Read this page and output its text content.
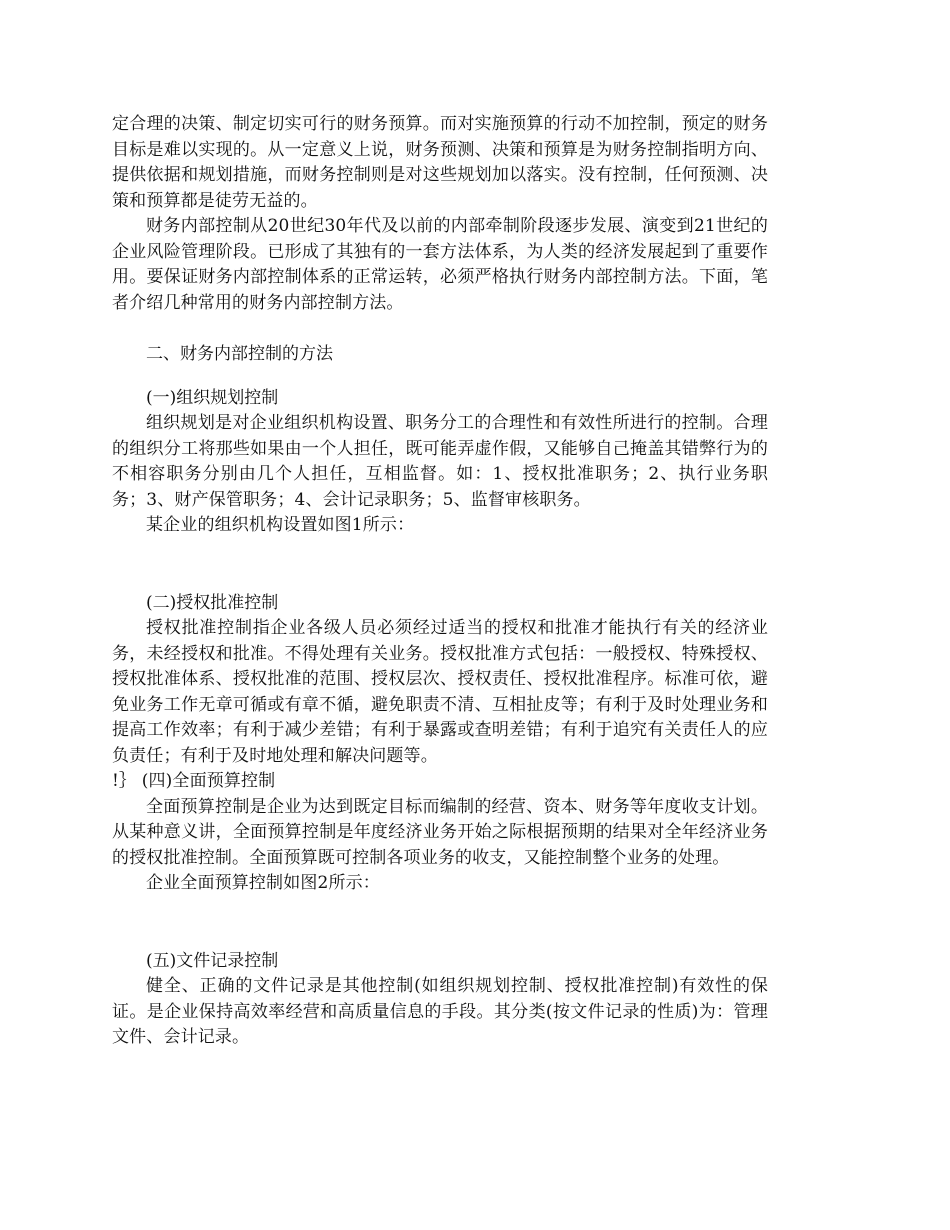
定合理的决策、制定切实可行的财务预算。而对实施预算的行动不加控制，预定的财务目标是难以实现的。从一定意义上说，财务预测、决策和预算是为财务控制指明方向、提供依据和规划措施，而财务控制则是对这些规划加以落实。没有控制，任何预测、决策和预算都是徒劳无益的。

财务内部控制从20世纪30年代及以前的内部牵制阶段逐步发展、演变到21世纪的企业风险管理阶段。已形成了其独有的一套方法体系，为人类的经济发展起到了重要作用。要保证财务内部控制体系的正常运转，必须严格执行财务内部控制方法。下面，笔者介绍几种常用的财务内部控制方法。

二、财务内部控制的方法

(一)组织规划控制

组织规划是对企业组织机构设置、职务分工的合理性和有效性所进行的控制。合理的组织分工将那些如果由一个人担任，既可能弄虚作假，又能够自己掩盖其错弊行为的不相容职务分别由几个人担任，互相监督。如：1、授权批准职务；2、执行业务职务；3、财产保管职务；4、会计记录职务；5、监督审核职务。

某企业的组织机构设置如图1所示：

(二)授权批准控制

授权批准控制指企业各级人员必须经过适当的授权和批准才能执行有关的经济业务，未经授权和批准。不得处理有关业务。授权批准方式包括：一般授权、特殊授权、授权批准体系、授权批准的范围、授权层次、授权责任、授权批准程序。标准可依，避免业务工作无章可循或有章不循，避免职责不清、互相扯皮等；有利于及时处理业务和提高工作效率；有利于减少差错；有利于暴露或查明差错；有利于追究有关责任人的应负责任；有利于及时地处理和解决问题等。

!｝ (四)全面预算控制

全面预算控制是企业为达到既定目标而编制的经营、资本、财务等年度收支计划。从某种意义讲，全面预算控制是年度经济业务开始之际根据预期的结果对全年经济业务的授权批准控制。全面预算既可控制各项业务的收支，又能控制整个业务的处理。

企业全面预算控制如图2所示：

(五)文件记录控制

健全、正确的文件记录是其他控制(如组织规划控制、授权批准控制)有效性的保证。是企业保持高效率经营和高质量信息的手段。其分类(按文件记录的性质)为：管理文件、会计记录。
